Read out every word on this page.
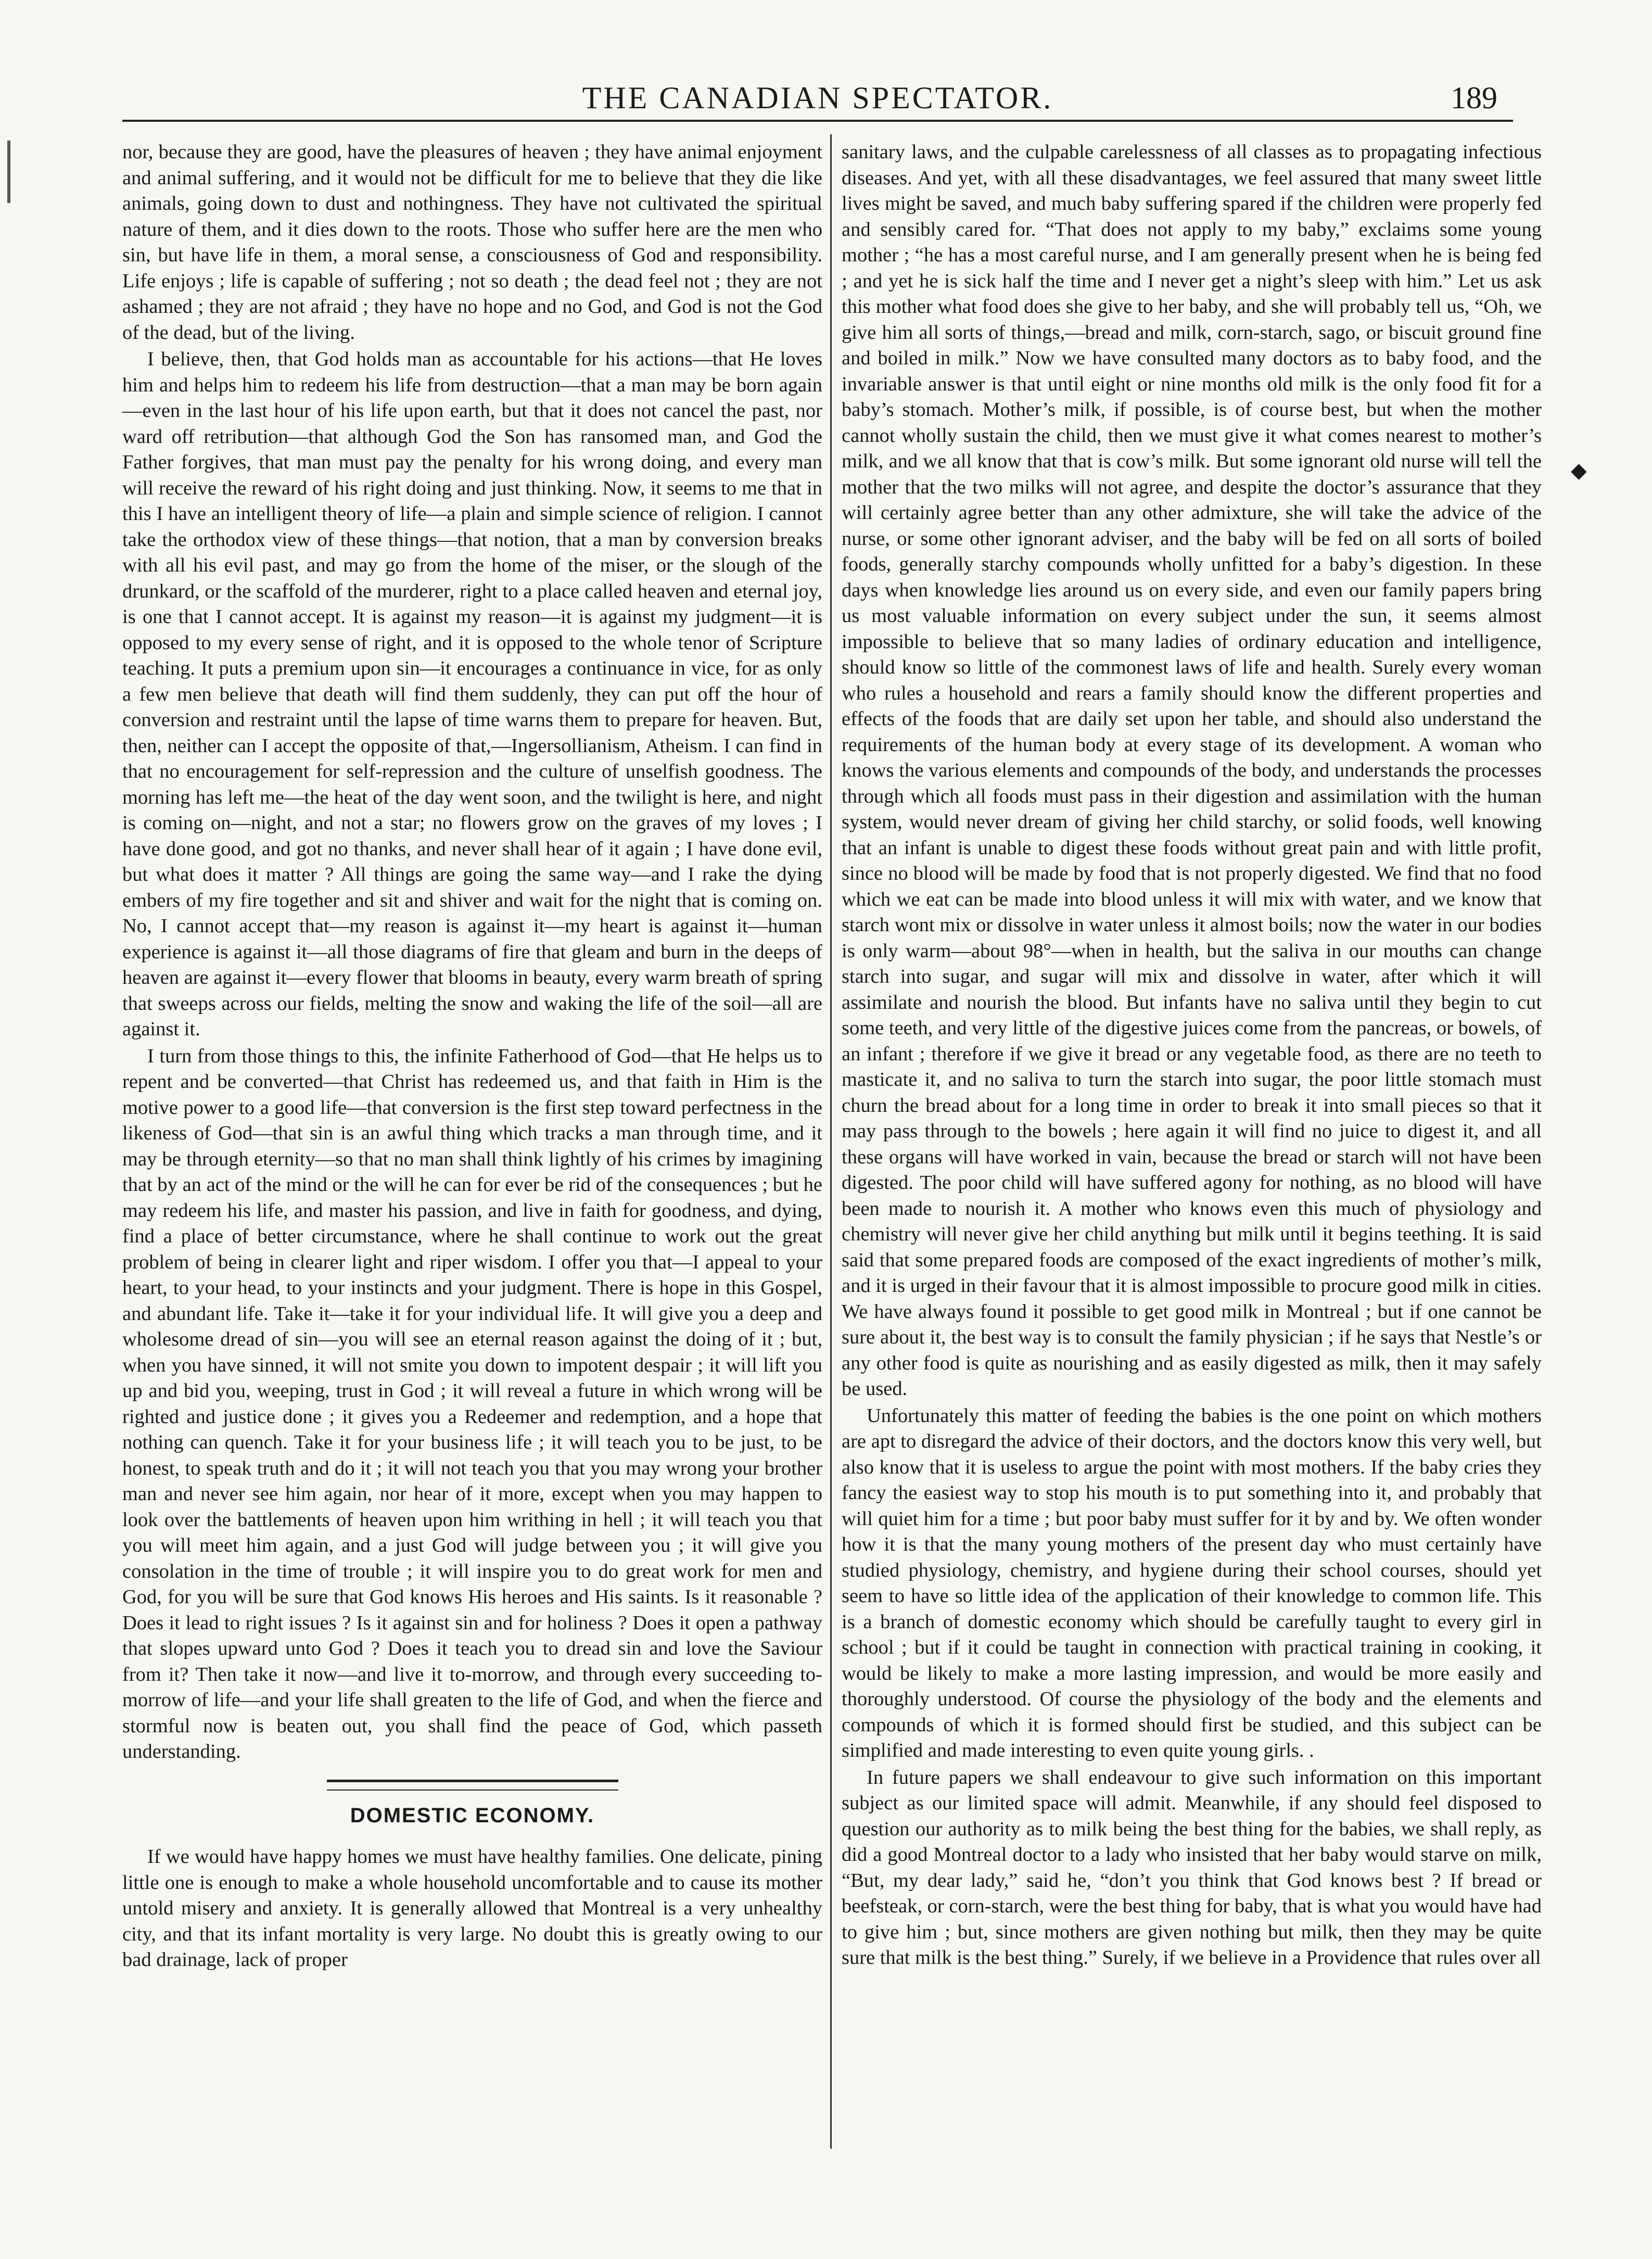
THE CANADIAN SPECTATOR.	189

nor, because they are good, have the pleasures of heaven ; they have animal enjoyment and animal suffering, and it would not be difficult for me to believe that they die like animals, going down to dust and nothingness. They have not cultivated the spiritual nature of them, and it dies down to the roots. Those who suffer here are the men who sin, but have life in them, a moral sense, a consciousness of God and responsibility. Life enjoys ; life is capable of suffering ; not so death ; the dead feel not ; they are not ashamed ; they are not afraid ; they have no hope and no God, and God is not the God of the dead, but of the living.

I believe, then, that God holds man as accountable for his actions—that He loves him and helps him to redeem his life from destruction—that a man may be born again—even in the last hour of his life upon earth, but that it does not cancel the past, nor ward off retribution—that although God the Son has ransomed man, and God the Father forgives, that man must pay the penalty for his wrong doing, and every man will receive the reward of his right doing and just thinking. Now, it seems to me that in this I have an intelligent theory of life—a plain and simple science of religion. I cannot take the orthodox view of these things—that notion, that a man by conversion breaks with all his evil past, and may go from the home of the miser, or the slough of the drunkard, or the scaffold of the murderer, right to a place called heaven and eternal joy, is one that I cannot accept. It is against my reason—it is against my judgment—it is opposed to my every sense of right, and it is opposed to the whole tenor of Scripture teaching. It puts a premium upon sin—it encourages a continuance in vice, for as only a few men believe that death will find them suddenly, they can put off the hour of conversion and restraint until the lapse of time warns them to prepare for heaven. But, then, neither can I accept the opposite of that,—Ingersollianism, Atheism. I can find in that no encouragement for self-repression and the culture of unselfish goodness. The morning has left me—the heat of the day went soon, and the twilight is here, and night is coming on—night, and not a star; no flowers grow on the graves of my loves ; I have done good, and got no thanks, and never shall hear of it again ; I have done evil, but what does it matter ? All things are going the same way—and I rake the dying embers of my fire together and sit and shiver and wait for the night that is coming on. No, I cannot accept that—my reason is against it—my heart is against it—human experience is against it—all those diagrams of fire that gleam and burn in the deeps of heaven are against it—every flower that blooms in beauty, every warm breath of spring that sweeps across our fields, melting the snow and waking the life of the soil—all are against it.

I turn from those things to this, the infinite Fatherhood of God—that He helps us to repent and be converted—that Christ has redeemed us, and that faith in Him is the motive power to a good life—that conversion is the first step toward perfectness in the likeness of God—that sin is an awful thing which tracks a man through time, and it may be through eternity—so that no man shall think lightly of his crimes by imagining that by an act of the mind or the will he can for ever be rid of the consequences ; but he may redeem his life, and master his passion, and live in faith for goodness, and dying, find a place of better circumstance, where he shall continue to work out the great problem of being in clearer light and riper wisdom. I offer you that—I appeal to your heart, to your head, to your instincts and your judgment. There is hope in this Gospel, and abundant life. Take it—take it for your individual life. It will give you a deep and wholesome dread of sin—you will see an eternal reason against the doing of it ; but, when you have sinned, it will not smite you down to impotent despair ; it will lift you up and bid you, weeping, trust in God ; it will reveal a future in which wrong will be righted and justice done ; it gives you a Redeemer and redemption, and a hope that nothing can quench. Take it for your business life ; it will teach you to be just, to be honest, to speak truth and do it ; it will not teach you that you may wrong your brother man and never see him again, nor hear of it more, except when you may happen to look over the battlements of heaven upon him writhing in hell ; it will teach you that you will meet him again, and a just God will judge between you ; it will give you consolation in the time of trouble ; it will inspire you to do great work for men and God, for you will be sure that God knows His heroes and His saints. Is it reasonable ? Does it lead to right issues ? Is it against sin and for holiness ? Does it open a pathway that slopes upward unto God ? Does it teach you to dread sin and love the Saviour from it? Then take it now—and live it to-morrow, and through every succeeding to-morrow of life—and your life shall greaten to the life of God, and when the fierce and stormful now is beaten out, you shall find the peace of God, which passeth understanding.

DOMESTIC ECONOMY.

If we would have happy homes we must have healthy families. One delicate, pining little one is enough to make a whole household uncomfortable and to cause its mother untold misery and anxiety. It is generally allowed that Montreal is a very unhealthy city, and that its infant mortality is very large. No doubt this is greatly owing to our bad drainage, lack of proper

sanitary laws, and the culpable carelessness of all classes as to propagating infectious diseases. And yet, with all these disadvantages, we feel assured that many sweet little lives might be saved, and much baby suffering spared if the children were properly fed and sensibly cared for. “That does not apply to my baby,” exclaims some young mother ; “he has a most careful nurse, and I am generally present when he is being fed ; and yet he is sick half the time and I never get a night’s sleep with him.” Let us ask this mother what food does she give to her baby, and she will probably tell us, “Oh, we give him all sorts of things,—bread and milk, corn-starch, sago, or biscuit ground fine and boiled in milk.” Now we have consulted many doctors as to baby food, and the invariable answer is that until eight or nine months old milk is the only food fit for a baby’s stomach. Mother’s milk, if possible, is of course best, but when the mother cannot wholly sustain the child, then we must give it what comes nearest to mother’s milk, and we all know that that is cow’s milk. But some ignorant old nurse will tell the mother that the two milks will not agree, and despite the doctor’s assurance that they will certainly agree better than any other admixture, she will take the advice of the nurse, or some other ignorant adviser, and the baby will be fed on all sorts of boiled foods, generally starchy compounds wholly unfitted for a baby’s digestion. In these days when knowledge lies around us on every side, and even our family papers bring us most valuable information on every subject under the sun, it seems almost impossible to believe that so many ladies of ordinary education and intelligence, should know so little of the commonest laws of life and health. Surely every woman who rules a household and rears a family should know the different properties and effects of the foods that are daily set upon her table, and should also understand the requirements of the human body at every stage of its development. A woman who knows the various elements and compounds of the body, and understands the processes through which all foods must pass in their digestion and assimilation with the human system, would never dream of giving her child starchy, or solid foods, well knowing that an infant is unable to digest these foods without great pain and with little profit, since no blood will be made by food that is not properly digested. We find that no food which we eat can be made into blood unless it will mix with water, and we know that starch wont mix or dissolve in water unless it almost boils; now the water in our bodies is only warm—about 98°—when in health, but the saliva in our mouths can change starch into sugar, and sugar will mix and dissolve in water, after which it will assimilate and nourish the blood. But infants have no saliva until they begin to cut some teeth, and very little of the digestive juices come from the pancreas, or bowels, of an infant ; therefore if we give it bread or any vegetable food, as there are no teeth to masticate it, and no saliva to turn the starch into sugar, the poor little stomach must churn the bread about for a long time in order to break it into small pieces so that it may pass through to the bowels ; here again it will find no juice to digest it, and all these organs will have worked in vain, because the bread or starch will not have been digested. The poor child will have suffered agony for nothing, as no blood will have been made to nourish it. A mother who knows even this much of physiology and chemistry will never give her child anything but milk until it begins teething. It is said said that some prepared foods are composed of the exact ingredients of mother’s milk, and it is urged in their favour that it is almost impossible to procure good milk in cities. We have always found it possible to get good milk in Montreal ; but if one cannot be sure about it, the best way is to consult the family physician ; if he says that Nestle’s or any other food is quite as nourishing and as easily digested as milk, then it may safely be used.

Unfortunately this matter of feeding the babies is the one point on which mothers are apt to disregard the advice of their doctors, and the doctors know this very well, but also know that it is useless to argue the point with most mothers. If the baby cries they fancy the easiest way to stop his mouth is to put something into it, and probably that will quiet him for a time ; but poor baby must suffer for it by and by. We often wonder how it is that the many young mothers of the present day who must certainly have studied physiology, chemistry, and hygiene during their school courses, should yet seem to have so little idea of the application of their knowledge to common life. This is a branch of domestic economy which should be carefully taught to every girl in school ; but if it could be taught in connection with practical training in cooking, it would be likely to make a more lasting impression, and would be more easily and thoroughly understood. Of course the physiology of the body and the elements and compounds of which it is formed should first be studied, and this subject can be simplified and made interesting to even quite young girls. .

In future papers we shall endeavour to give such information on this important subject as our limited space will admit. Meanwhile, if any should feel disposed to question our authority as to milk being the best thing for the babies, we shall reply, as did a good Montreal doctor to a lady who insisted that her baby would starve on milk, “But, my dear lady,” said he, “don’t you think that God knows best ? If bread or beefsteak, or corn-starch, were the best thing for baby, that is what you would have had to give him ; but, since mothers are given nothing but milk, then they may be quite sure that milk is the best thing.” Surely, if we believe in a Providence that rules over all

◆
